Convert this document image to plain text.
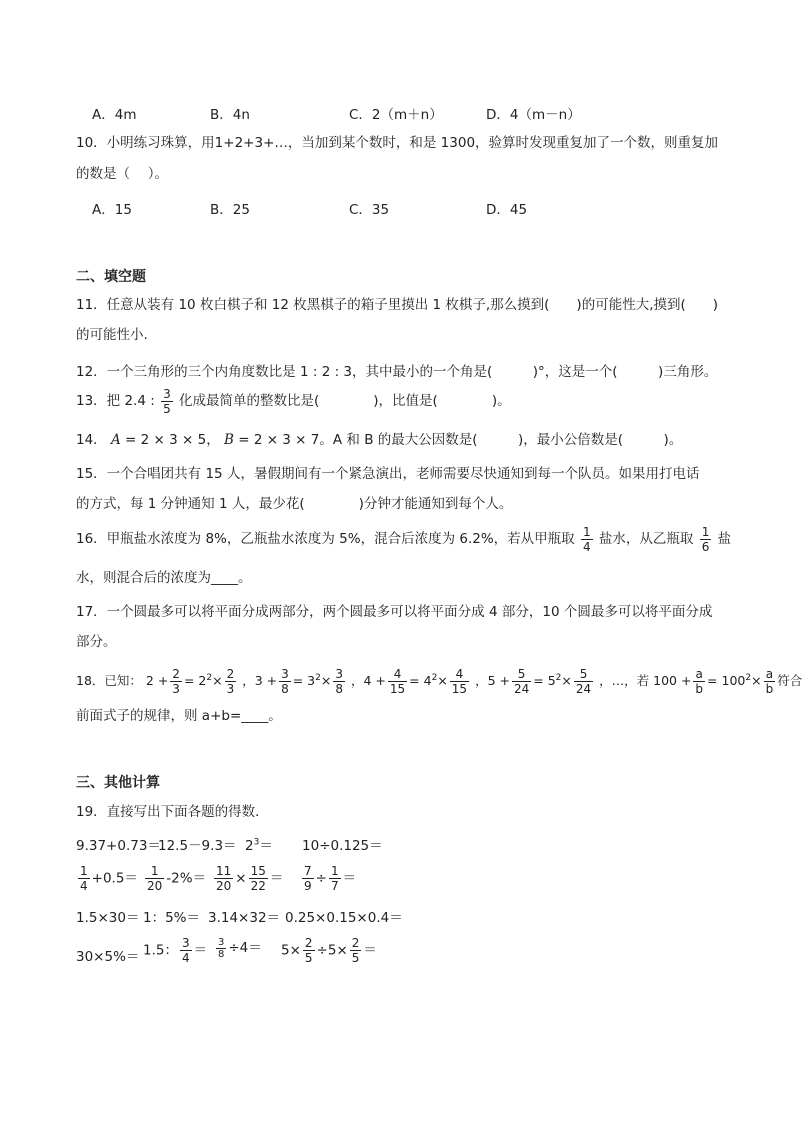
A．4m	B．4n	C．2（m＋n）	D．4（m－n）
10．小明练习珠算，用1+2+3+…，当加到某个数时，和是 1300，验算时发现重复加了一个数，则重复加
的数是（　 ）。
A．15	B．25	C．35	D．45
二、填空题
11．任意从装有 10 枚白棋子和 12 枚黑棋子的箱子里摸出 1 枚棋子,那么摸到(　　)的可能性大,摸到(　　)
的可能性小.
12．一个三角形的三个内角度数比是 1 : 2 : 3，其中最小的一个角是(　　　)°，这是一个(　　　)三角形。
13．把 2.4 : $\frac{3}{5}$ 化成最简单的整数比是(　　　　)，比值是(　　　　)。
14． A = 2 × 3 × 5， B = 2 × 3 × 7。A 和 B 的最大公因数是(　　　)，最小公倍数是(　　　)。
15．一个合唱团共有 15 人，暑假期间有一个紧急演出，老师需要尽快通知到每一个队员。如果用打电话
的方式，每 1 分钟通知 1 人，最少花(　　　　)分钟才能通知到每个人。
16．甲瓶盐水浓度为 8%，乙瓶盐水浓度为 5%，混合后浓度为 6.2%，若从甲瓶取 $\frac{1}{4}$ 盐水，从乙瓶取 $\frac{1}{6}$ 盐
水，则混合后的浓度为____。
17．一个圆最多可以将平面分成两部分，两个圆最多可以将平面分成 4 部分，10 个圆最多可以将平面分成
部分。
18．已知： $2 + \frac{2}{3} = 2^2\times \frac{2}{3}$ ，$3 + \frac{3}{8} = 3^2\times \frac{3}{8}$ ，$4 + \frac{4}{15} = 4^2\times \frac{4}{15}$ ，$5 + \frac{5}{24} = 5^2\times \frac{5}{24}$ ，…，若 $100 + \frac{a}{b} = 100^2\times \frac{a}{b}$ 符合
前面式子的规律，则 a+b=____。
三、其他计算
19．直接写出下面各题的得数．
9.37+0.73＝
$12.5-9.3= 2^3= 10\div 0.125=$
$\frac{1}{4} +0.5= \frac{1}{20} -2\%= \frac{11}{20} \times \frac{15}{22} = \frac{7}{9} \div \frac{1}{7}$ ＝
1.5×30＝ 1：5%＝ 3.14×32＝ 0.25×0.15×0.4＝
30×5%＝ 1.5： $\frac{3}{4} = \frac{3}{8} \div 4= 5\times \frac{2}{5} \div 5\times \frac{2}{5}$ ＝
